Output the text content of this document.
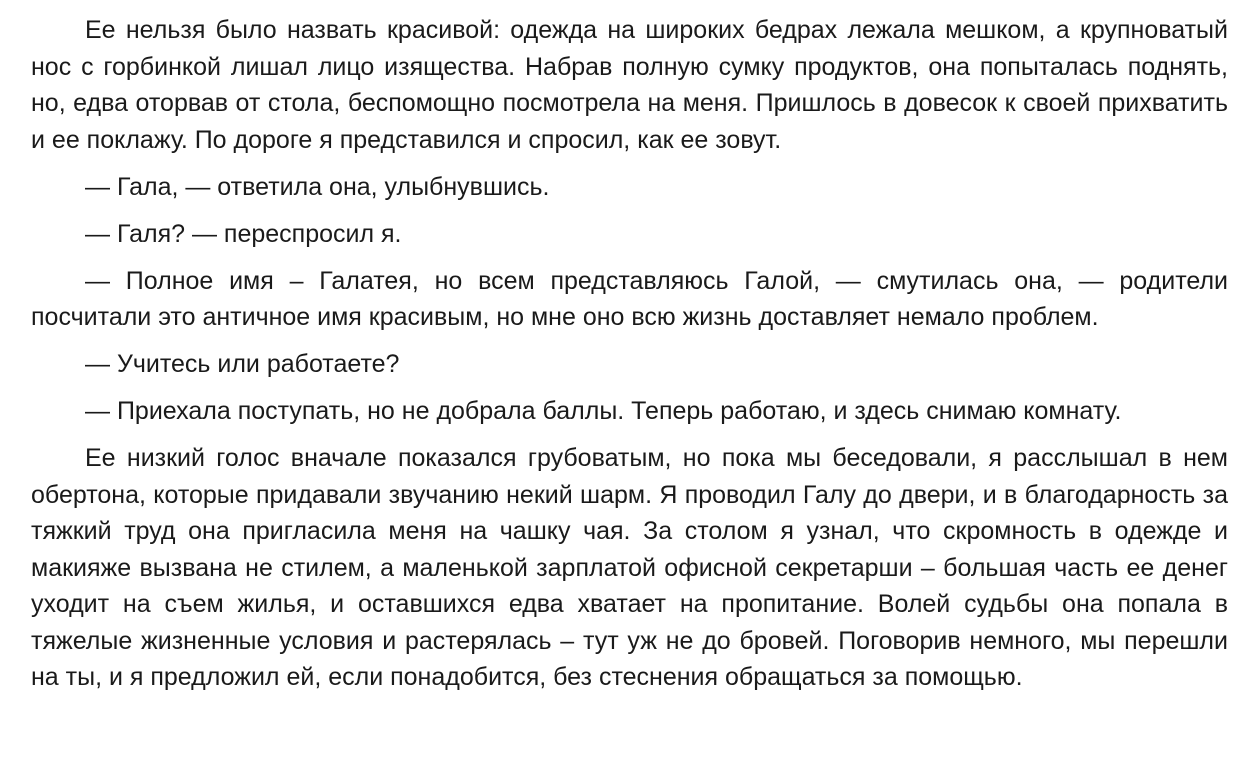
Ее нельзя было назвать красивой: одежда на широких бедрах лежала мешком, а крупноватый нос с горбинкой лишал лицо изящества. Набрав полную сумку продуктов, она попыталась поднять, но, едва оторвав от стола, беспомощно посмотрела на меня. Пришлось в довесок к своей прихватить и ее поклажу. По дороге я представился и спросил, как ее зовут.

— Гала, — ответила она, улыбнувшись.

— Галя? — переспросил я.

— Полное имя – Галатея, но всем представляюсь Галой, — смутилась она, — родители посчитали это античное имя красивым, но мне оно всю жизнь доставляет немало проблем.

— Учитесь или работаете?

— Приехала поступать, но не добрала баллы. Теперь работаю, и здесь снимаю комнату.

Ее низкий голос вначале показался грубоватым, но пока мы беседовали, я расслышал в нем обертона, которые придавали звучанию некий шарм. Я проводил Галу до двери, и в благодарность за тяжкий труд она пригласила меня на чашку чая. За столом я узнал, что скромность в одежде и макияже вызвана не стилем, а маленькой зарплатой офисной секретарши – большая часть ее денег уходит на съем жилья, и оставшихся едва хватает на пропитание. Волей судьбы она попала в тяжелые жизненные условия и растерялась – тут уж не до бровей. Поговорив немного, мы перешли на ты, и я предложил ей, если понадобится, без стеснения обращаться за помощью.
